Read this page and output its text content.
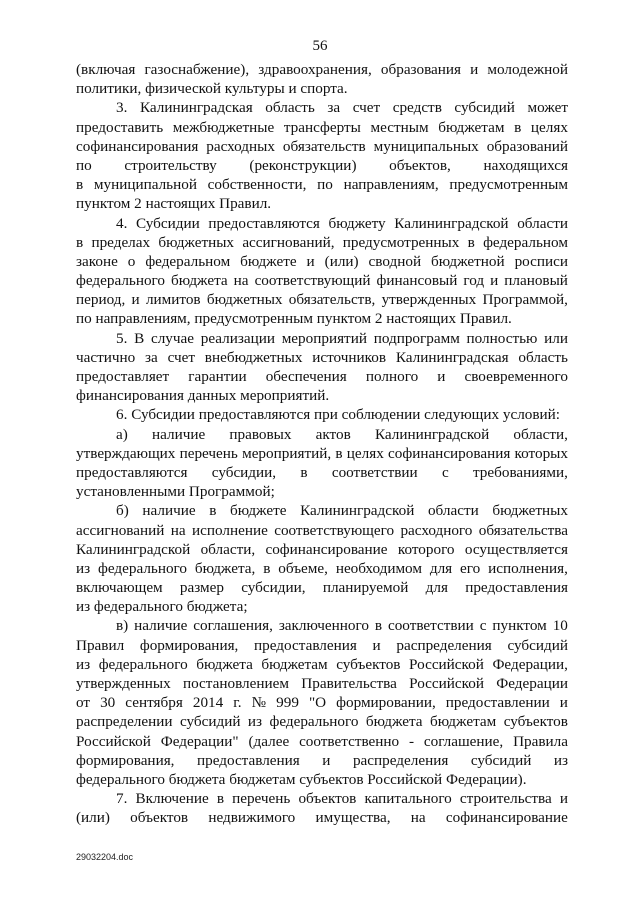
56
(включая газоснабжение), здравоохранения, образования и молодежной
политики, физической культуры и спорта.
3. Калининградская область за счет средств субсидий может
предоставить межбюджетные трансферты местным бюджетам в целях
софинансирования расходных обязательств муниципальных образований
по строительству (реконструкции) объектов, находящихся
в муниципальной собственности, по направлениям, предусмотренным
пунктом 2 настоящих Правил.
4. Субсидии предоставляются бюджету Калининградской области
в пределах бюджетных ассигнований, предусмотренных в федеральном
законе о федеральном бюджете и (или) сводной бюджетной росписи
федерального бюджета на соответствующий финансовый год и плановый
период, и лимитов бюджетных обязательств, утвержденных Программой,
по направлениям, предусмотренным пунктом 2 настоящих Правил.
5. В случае реализации мероприятий подпрограмм полностью или
частично за счет внебюджетных источников Калининградская область
предоставляет гарантии обеспечения полного и своевременного
финансирования данных мероприятий.
6. Субсидии предоставляются при соблюдении следующих условий:
а) наличие правовых актов Калининградской области,
утверждающих перечень мероприятий, в целях софинансирования которых
предоставляются субсидии, в соответствии с требованиями,
установленными Программой;
б) наличие в бюджете Калининградской области бюджетных
ассигнований на исполнение соответствующего расходного обязательства
Калининградской области, софинансирование которого осуществляется
из федерального бюджета, в объеме, необходимом для его исполнения,
включающем размер субсидии, планируемой для предоставления
из федерального бюджета;
в) наличие соглашения, заключенного в соответствии с пунктом 10
Правил формирования, предоставления и распределения субсидий
из федерального бюджета бюджетам субъектов Российской Федерации,
утвержденных постановлением Правительства Российской Федерации
от 30 сентября 2014 г. № 999 "О формировании, предоставлении и
распределении субсидий из федерального бюджета бюджетам субъектов
Российской Федерации" (далее соответственно - соглашение, Правила
формирования, предоставления и распределения субсидий из
федерального бюджета бюджетам субъектов Российской Федерации).
7. Включение в перечень объектов капитального строительства и
(или) объектов недвижимого имущества, на софинансирование
29032204.doc
